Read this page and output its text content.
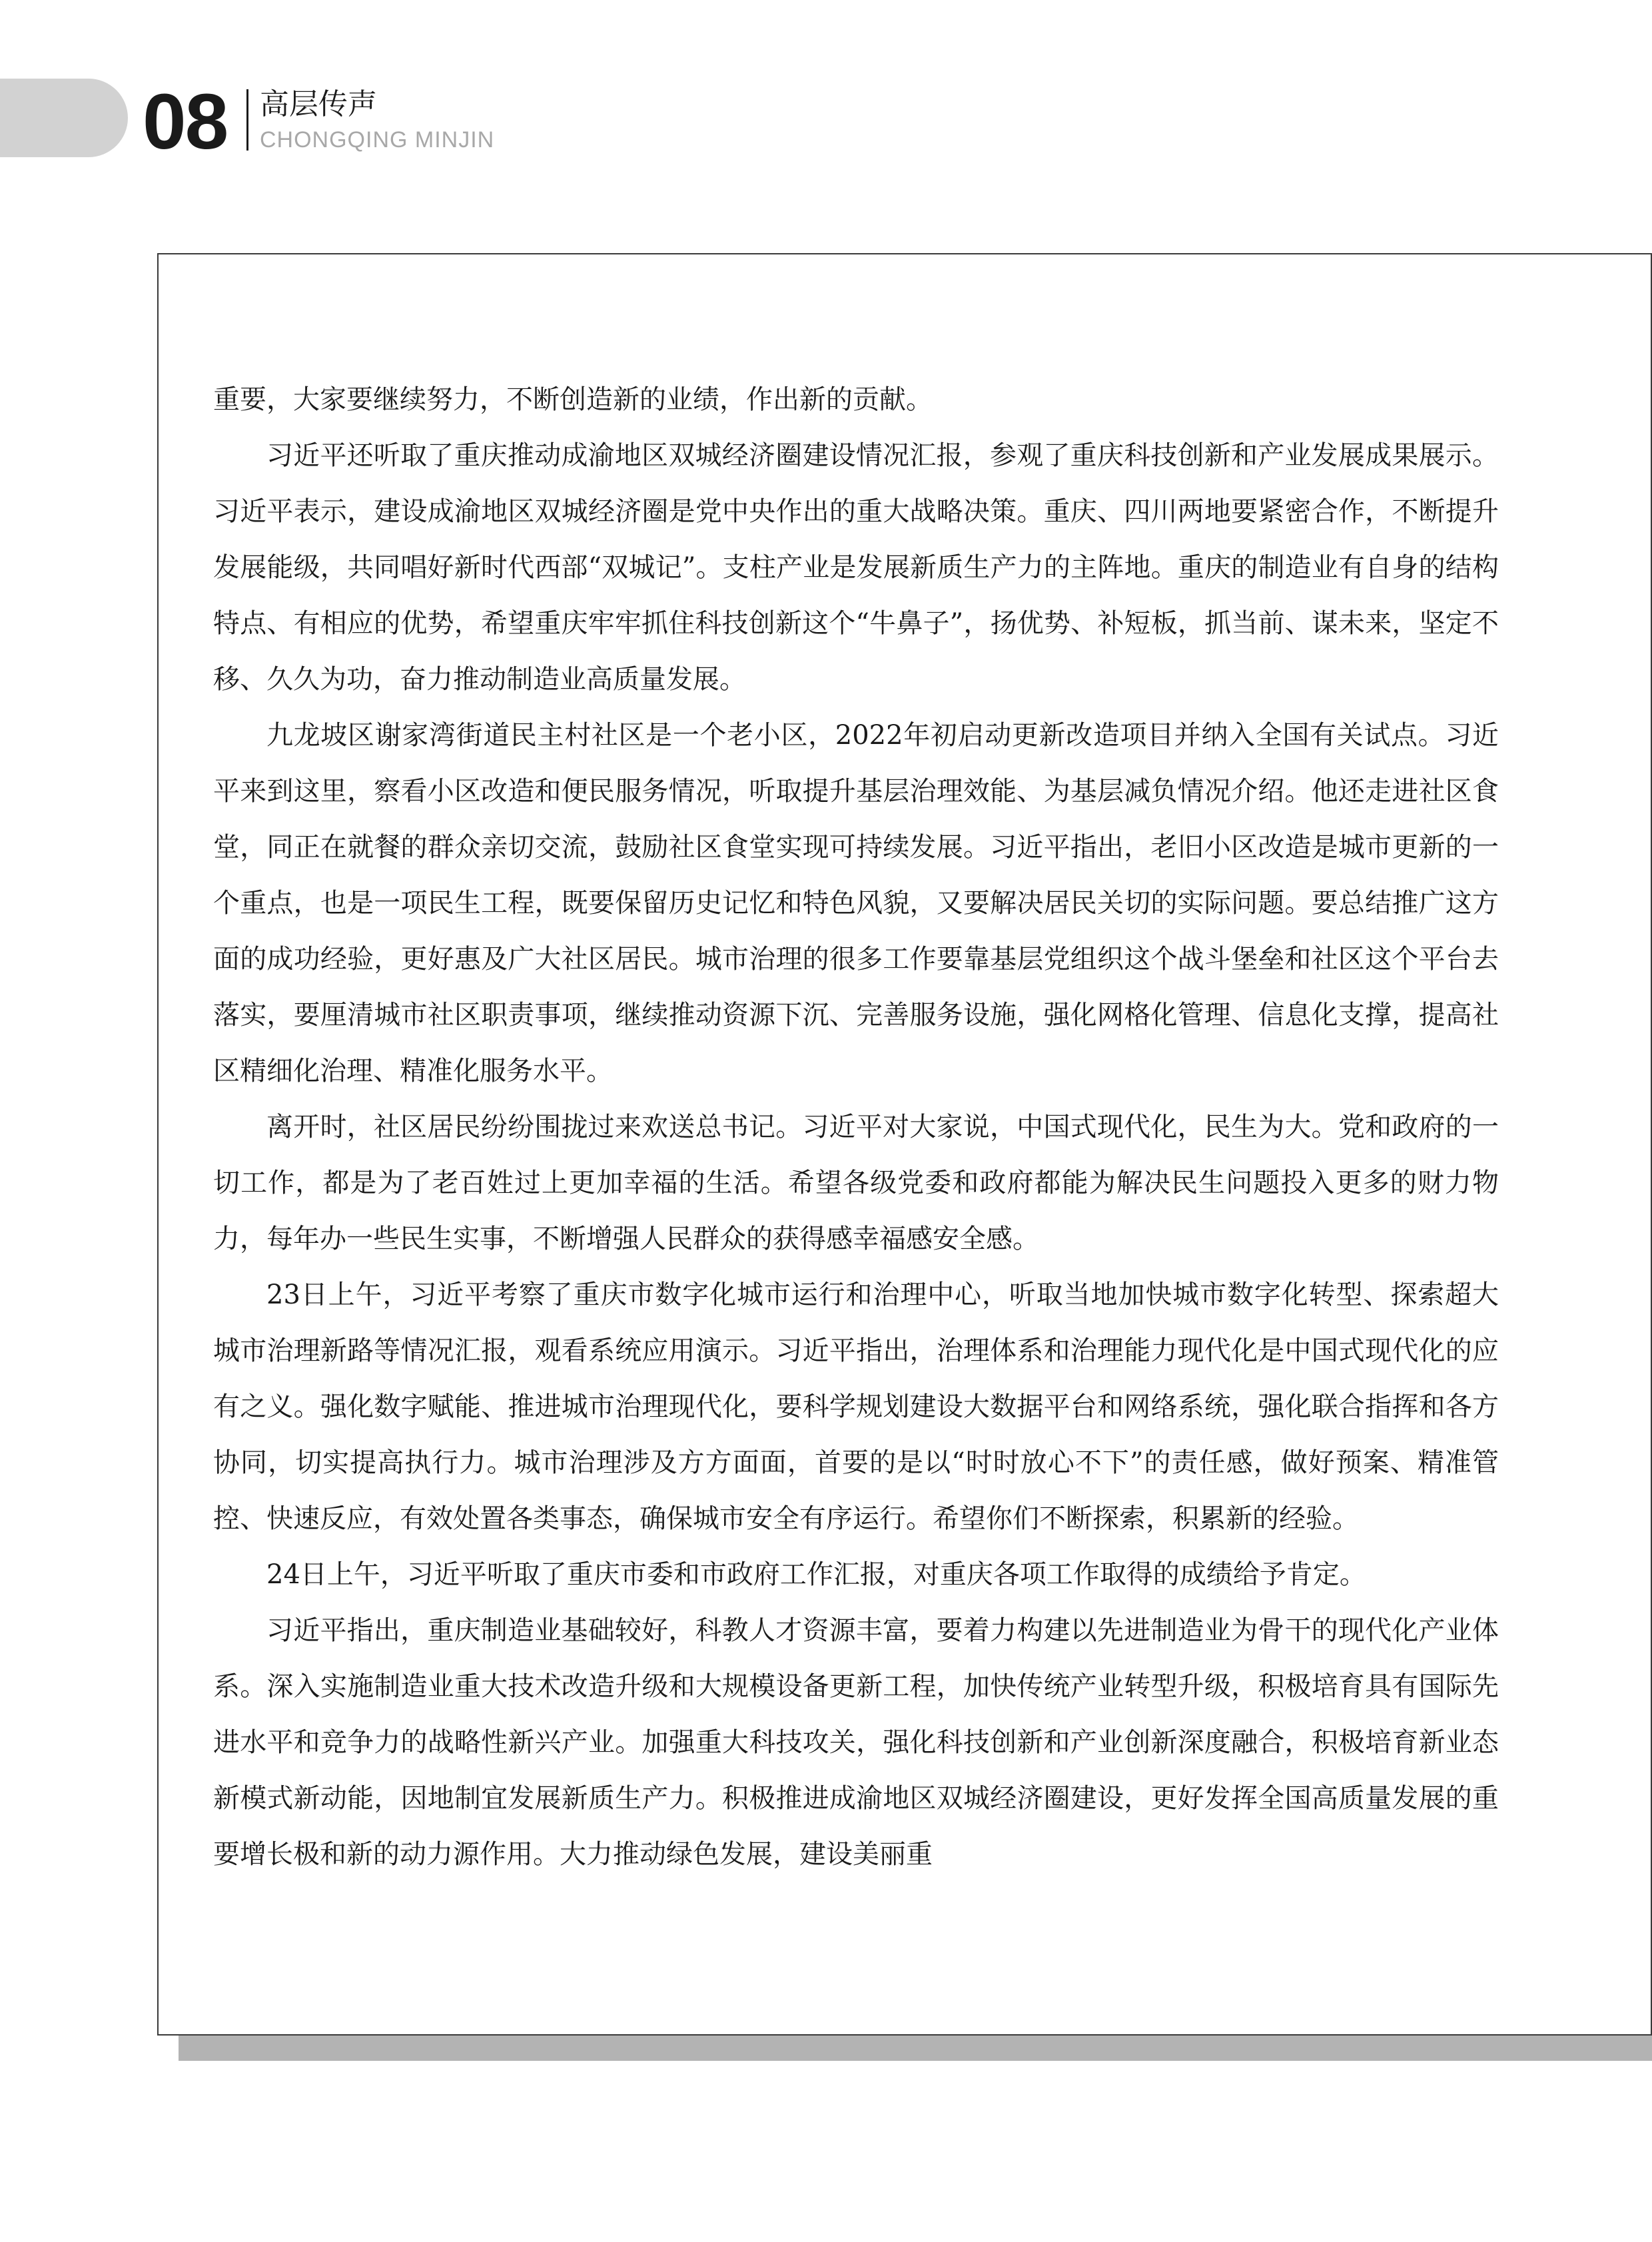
08 高层传声
CHONGQING MINJIN

重要，大家要继续努力，不断创造新的业绩，作出新的贡献。

习近平还听取了重庆推动成渝地区双城经济圈建设情况汇报，参观了重庆科技创新和产业发展成果展示。习近平表示，建设成渝地区双城经济圈是党中央作出的重大战略决策。重庆、四川两地要紧密合作，不断提升发展能级，共同唱好新时代西部“双城记”。支柱产业是发展新质生产力的主阵地。重庆的制造业有自身的结构特点、有相应的优势，希望重庆牢牢抓住科技创新这个“牛鼻子”，扬优势、补短板，抓当前、谋未来，坚定不移、久久为功，奋力推动制造业高质量发展。

九龙坡区谢家湾街道民主村社区是一个老小区，2022年初启动更新改造项目并纳入全国有关试点。习近平来到这里，察看小区改造和便民服务情况，听取提升基层治理效能、为基层减负情况介绍。他还走进社区食堂，同正在就餐的群众亲切交流，鼓励社区食堂实现可持续发展。习近平指出，老旧小区改造是城市更新的一个重点，也是一项民生工程，既要保留历史记忆和特色风貌，又要解决居民关切的实际问题。要总结推广这方面的成功经验，更好惠及广大社区居民。城市治理的很多工作要靠基层党组织这个战斗堡垒和社区这个平台去落实，要厘清城市社区职责事项，继续推动资源下沉、完善服务设施，强化网格化管理、信息化支撑，提高社区精细化治理、精准化服务水平。

离开时，社区居民纷纷围拢过来欢送总书记。习近平对大家说，中国式现代化，民生为大。党和政府的一切工作，都是为了老百姓过上更加幸福的生活。希望各级党委和政府都能为解决民生问题投入更多的财力物力，每年办一些民生实事，不断增强人民群众的获得感幸福感安全感。

23日上午，习近平考察了重庆市数字化城市运行和治理中心，听取当地加快城市数字化转型、探索超大城市治理新路等情况汇报，观看系统应用演示。习近平指出，治理体系和治理能力现代化是中国式现代化的应有之义。强化数字赋能、推进城市治理现代化，要科学规划建设大数据平台和网络系统，强化联合指挥和各方协同，切实提高执行力。城市治理涉及方方面面，首要的是以“时时放心不下”的责任感，做好预案、精准管控、快速反应，有效处置各类事态，确保城市安全有序运行。希望你们不断探索，积累新的经验。

24日上午，习近平听取了重庆市委和市政府工作汇报，对重庆各项工作取得的成绩给予肯定。

习近平指出，重庆制造业基础较好，科教人才资源丰富，要着力构建以先进制造业为骨干的现代化产业体系。深入实施制造业重大技术改造升级和大规模设备更新工程，加快传统产业转型升级，积极培育具有国际先进水平和竞争力的战略性新兴产业。加强重大科技攻关，强化科技创新和产业创新深度融合，积极培育新业态新模式新动能，因地制宜发展新质生产力。积极推进成渝地区双城经济圈建设，更好发挥全国高质量发展的重要增长极和新的动力源作用。大力推动绿色发展，建设美丽重
